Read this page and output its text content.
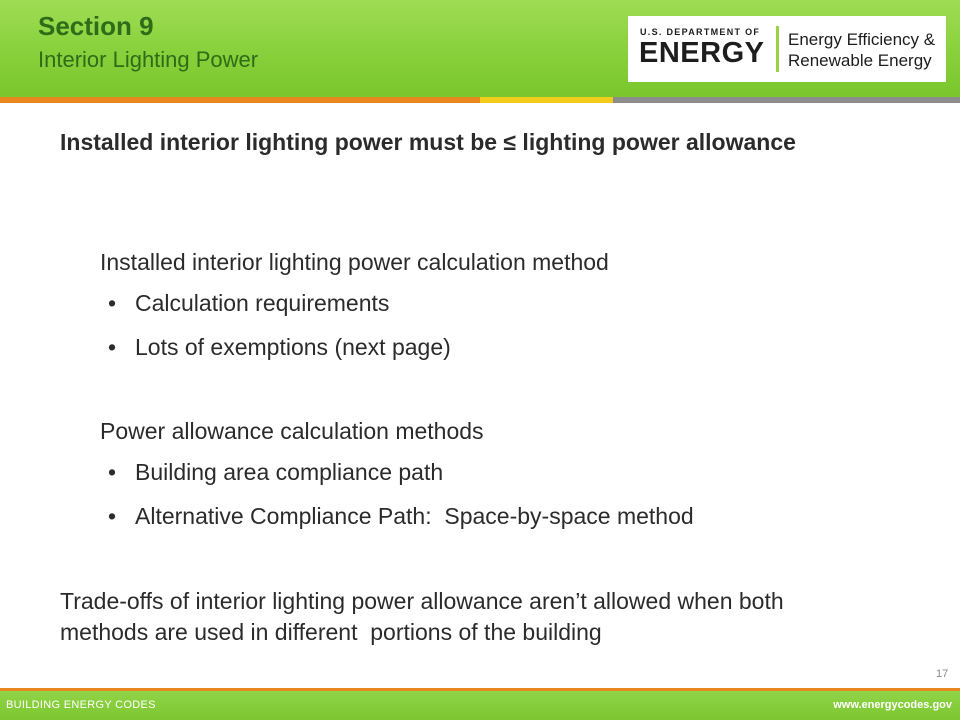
Section 9
Interior Lighting Power
U.S. DEPARTMENT OF
ENERGY Energy Efficiency &
Renewable Energy
Installed interior lighting power must be ≤ lighting power allowance
Installed interior lighting power calculation method
• Calculation requirements
• Lots of exemptions (next page)
Power allowance calculation methods
• Building area compliance path
• Alternative Compliance Path:  Space-by-space method
Trade-offs of interior lighting power allowance aren’t allowed when both methods are used in different  portions of the building
17
BUILDING ENERGY CODES	www.energycodes.gov
